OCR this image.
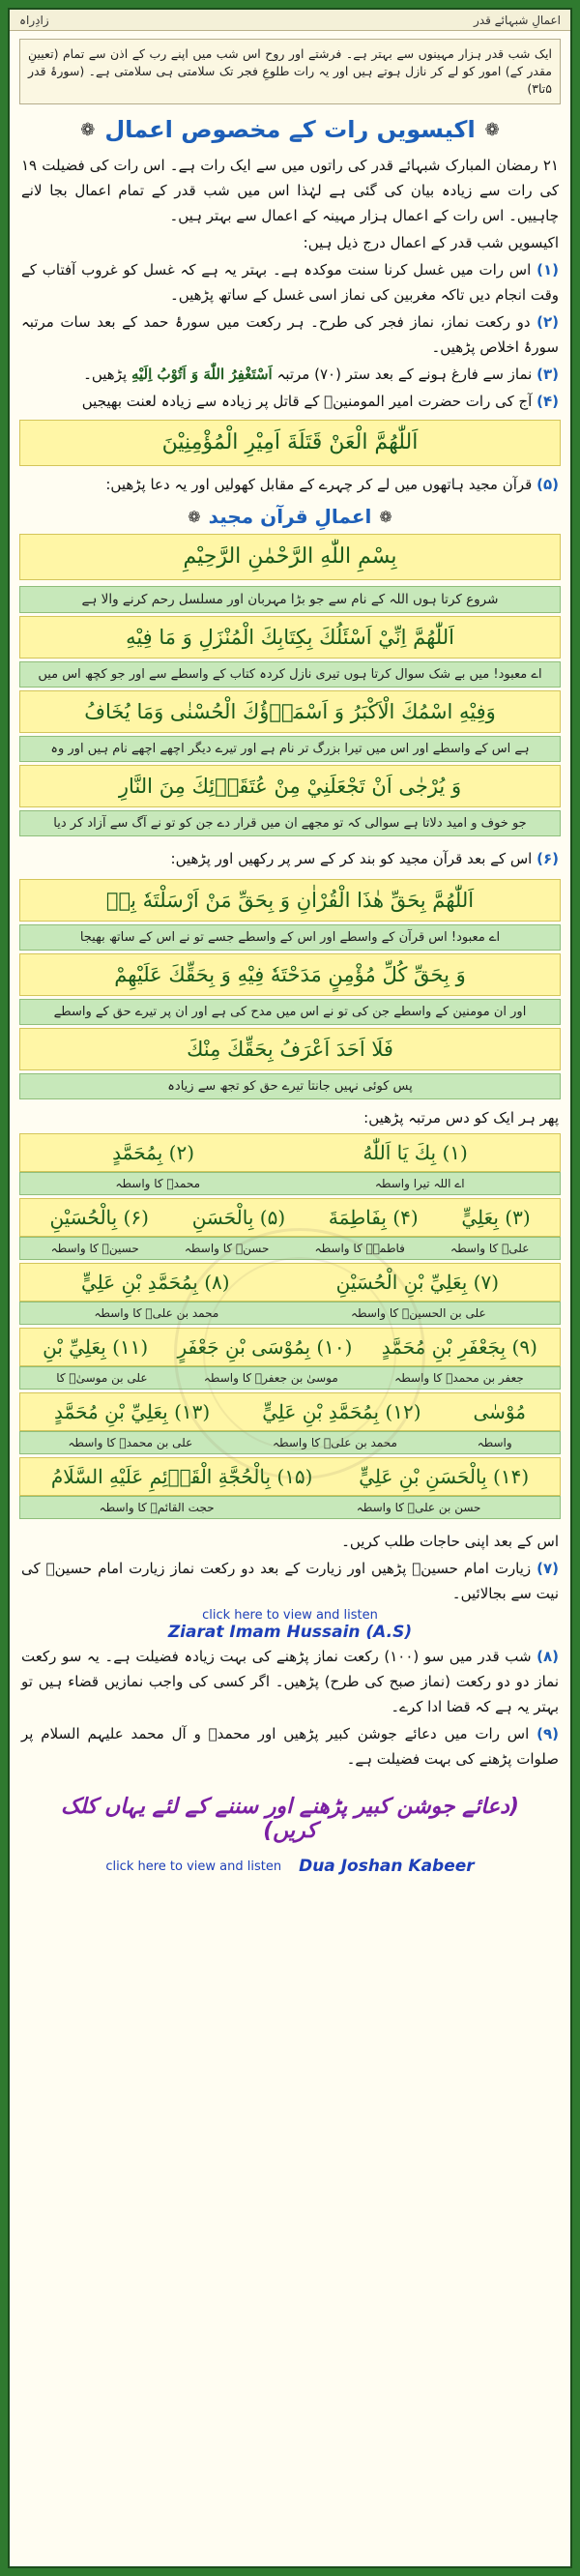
زادِراہ	اعمالِ شبہائے قدر
ایک شب قدر ہزار مہینوں سے بہتر ہے۔ فرشتے اور روح اس شب میں اپنے رب کے اذن سے تمام (تعیینِ مقدر کے) امور کو لے کر نازل ہوتے ہیں اور یہ رات طلوعِ فجر تک سلامتی ہی سلامتی ہے۔ (سورۂ قدر ۵تا۳)
❁
اکیسویں رات کے مخصوص اعمال
❁

۲۱ رمضان المبارک شبہائے قدر کی راتوں میں سے ایک رات ہے۔ اس رات کی فضیلت ۱۹ کی رات سے زیادہ بیان کی گئی ہے لہٰذا اس میں شب قدر کے تمام اعمال بجا لانے چاہییں۔ اس رات کے اعمال ہزار مہینہ کے اعمال سے بہتر ہیں۔

اکیسویں شب قدر کے اعمال درج ذیل ہیں:

(۱) اس رات میں غسل کرنا سنت موکدہ ہے۔ بہتر یہ ہے کہ غسل کو غروب آفتاب کے وقت انجام دیں تاکہ مغربین کی نماز اسی غسل کے ساتھ پڑھیں۔

(۲) دو رکعت نماز، نماز فجر کی طرح۔ ہر رکعت میں سورۂ حمد کے بعد سات مرتبہ سورۂ اخلاص پڑھیں۔

(۳) نماز سے فارغ ہونے کے بعد ستر (۷۰) مرتبہ اَسْتَغْفِرُ اللّٰهَ وَ اَتُوْبُ اِلَيْهِ پڑھیں۔

(۴) آج کی رات حضرت امیر المومنینؑ کے قاتل پر زیادہ سے زیادہ لعنت بھیجیں

اَللّٰهُمَّ الْعَنْ قَتَلَةَ اَمِيْرِ الْمُؤْمِنِيْنَ

(۵) قرآن مجید ہاتھوں میں لے کر چہرے کے مقابل کھولیں اور یہ دعا پڑھیں:

❁
اعمالِ قرآن مجید
❁
بِسْمِ اللّٰهِ الرَّحْمٰنِ الرَّحِيْمِ
شروع کرتا ہوں اللہ کے نام سے جو بڑا مہربان اور مسلسل رحم کرنے والا ہے
اَللّٰهُمَّ اِنِّيْ اَسْئَلُكَ بِكِتَابِكَ الْمُنْزَلِ وَ مَا فِيْهِ
اے معبود! میں بے شک سوال کرتا ہوں تیری نازل کردہ کتاب کے واسطے سے اور جو کچھ اس میں
وَفِيْهِ اسْمُكَ الْاَكْبَرُ وَ اَسْمَاۤؤُكَ الْحُسْنٰى وَمَا يُخَافُ
ہے اس کے واسطے اور اس میں تیرا بزرگ تر نام ہے اور تیرے دیگر اچھے اچھے نام ہیں اور وہ
وَ يُرْجٰى اَنْ تَجْعَلَنِيْ مِنْ عُتَقَاۤئِكَ مِنَ النَّارِ
جو خوف و امید دلاتا ہے سوالی کہ تو مجھے ان میں قرار دے جن کو تو نے آگ سے آزاد کر دیا

(۶) اس کے بعد قرآن مجید کو بند کر کے سر پر رکھیں اور پڑھیں:

اَللّٰهُمَّ بِحَقِّ هٰذَا الْقُرْاٰنِ وَ بِحَقِّ مَنْ اَرْسَلْتَهٗ بِهٖ
اے معبود! اس قرآن کے واسطے اور اس کے واسطے جسے تو نے اس کے ساتھ بھیجا
وَ بِحَقِّ كُلِّ مُؤْمِنٍ مَدَحْتَهٗ فِيْهِ وَ بِحَقِّكَ عَلَيْهِمْ
اور ان مومنین کے واسطے جن کی تو نے اس میں مدح کی ہے اور ان پر تیرے حق کے واسطے
فَلَا اَحَدَ اَعْرَفُ بِحَقِّكَ مِنْكَ
پس کوئی نہیں جانتا تیرے حق کو تجھ سے زیادہ

پھر ہر ایک کو دس مرتبہ پڑھیں:

(۱) بِكَ يَا اَللّٰهُ
(۲) بِمُحَمَّدٍ
اے اللہ تیرا واسطہ
محمدؐ کا واسطہ
(۳) بِعَلِيٍّ
(۴) بِفَاطِمَةَ
(۵) بِالْحَسَنِ
(۶) بِالْحُسَيْنِ
علیؑ کا واسطہ
فاطمہؑ کا واسطہ
حسنؑ کا واسطہ
حسینؑ کا واسطہ
(۷) بِعَلِيِّ بْنِ الْحُسَيْنِ
(۸) بِمُحَمَّدِ بْنِ عَلِيٍّ
علی بن الحسینؑ کا واسطہ
محمد بن علیؑ کا واسطہ
(۹) بِجَعْفَرِ بْنِ مُحَمَّدٍ
(۱۰) بِمُوْسَى بْنِ جَعْفَرٍ
(۱۱) بِعَلِيِّ بْنِ
جعفر بن محمدؑ کا واسطہ
موسیٰ بن جعفرؑ کا واسطہ
علی بن موسیٰؑ کا
مُوْسٰى
(۱۲) بِمُحَمَّدِ بْنِ عَلِيٍّ
(۱۳) بِعَلِيِّ بْنِ مُحَمَّدٍ
واسطہ
محمد بن علیؑ کا واسطہ
علی بن محمدؑ کا واسطہ
(۱۴) بِالْحَسَنِ بْنِ عَلِيٍّ
(۱۵) بِالْحُجَّةِ الْقَاۤئِمِ عَلَيْهِ السَّلَامُ
حسن بن علیؑ کا واسطہ
حجت القائمؑ کا واسطہ

اس کے بعد اپنی حاجات طلب کریں۔

(۷) زیارت امام حسینؑ پڑھیں اور زیارت کے بعد دو رکعت نماز زیارت امام حسینؑ کی نیت سے بجالائیں۔

click here to view and listen
Ziarat Imam Hussain (A.S)

(۸) شب قدر میں سو (۱۰۰) رکعت نماز پڑھنے کی بہت زیادہ فضیلت ہے۔ یہ سو رکعت نماز دو دو رکعت (نماز صبح کی طرح) پڑھیں۔ اگر کسی کی واجب نمازیں قضاء ہیں تو بہتر یہ ہے کہ قضا ادا کرے۔

(۹) اس رات میں دعائے جوشن کبیر پڑھیں اور محمدؐ و آل محمد علیہم السلام پر صلوات پڑھنے کی بہت فضیلت ہے۔

(دعائے جوشن کبیر پڑھنے اور سننے کے لئے یہاں کلک کریں)
click here to view and listen Dua Joshan Kabeer
